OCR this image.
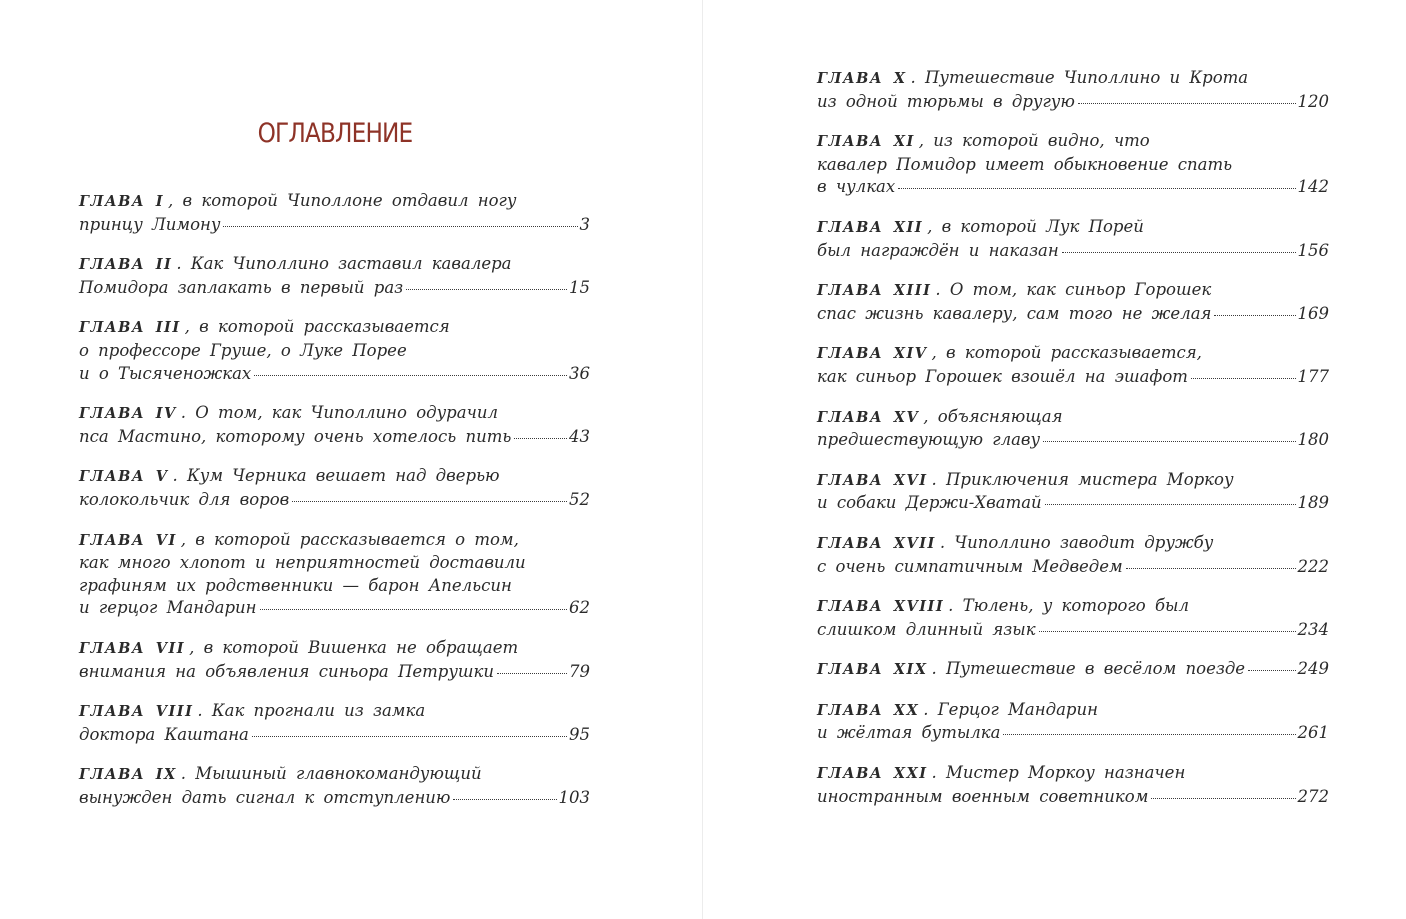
ОГЛАВЛЕНИЕ
ГЛАВА I , в которой Чиполлоне отдавил ногу
принцу Лимону	3
ГЛАВА II . Как Чиполлино заставил кавалера
Помидора заплакать в первый раз	15
ГЛАВА III , в которой рассказывается
о профессоре Груше, о Луке Порее
и о Тысяченожках	36
ГЛАВА IV . О том, как Чиполлино одурачил
пса Мастино, которому очень хотелось пить	43
ГЛАВА V . Кум Черника вешает над дверью
колокольчик для воров	52
ГЛАВА VI , в которой рассказывается о том,
как много хлопот и неприятностей доставили
графиням их родственники — барон Апельсин
и герцог Мандарин	62
ГЛАВА VII , в которой Вишенка не обращает
внимания на объявления синьора Петрушки	79
ГЛАВА VIII . Как прогнали из замка
доктора Каштана	95
ГЛАВА IX . Мышиный главнокомандующий
вынужден дать сигнал к отступлению	103
ГЛАВА X . Путешествие Чиполлино и Крота
из одной тюрьмы в другую	120
ГЛАВА XI , из которой видно, что
кавалер Помидор имеет обыкновение спать
в чулках	142
ГЛАВА XII , в которой Лук Порей
был награждён и наказан	156
ГЛАВА XIII . О том, как синьор Горошек
спас жизнь кавалеру, сам того не желая	169
ГЛАВА XIV , в которой рассказывается,
как синьор Горошек взошёл на эшафот	177
ГЛАВА XV , объясняющая
предшествующую главу	180
ГЛАВА XVI . Приключения мистера Моркоу
и собаки Держи-Хватай	189
ГЛАВА XVII . Чиполлино заводит дружбу
с очень симпатичным Медведем	222
ГЛАВА XVIII . Тюлень, у которого был
слишком длинный язык	234
ГЛАВА XIX . Путешествие в весёлом поезде	249
ГЛАВА XX . Герцог Мандарин
и жёлтая бутылка	261
ГЛАВА XXI . Мистер Моркоу назначен
иностранным военным советником	272
